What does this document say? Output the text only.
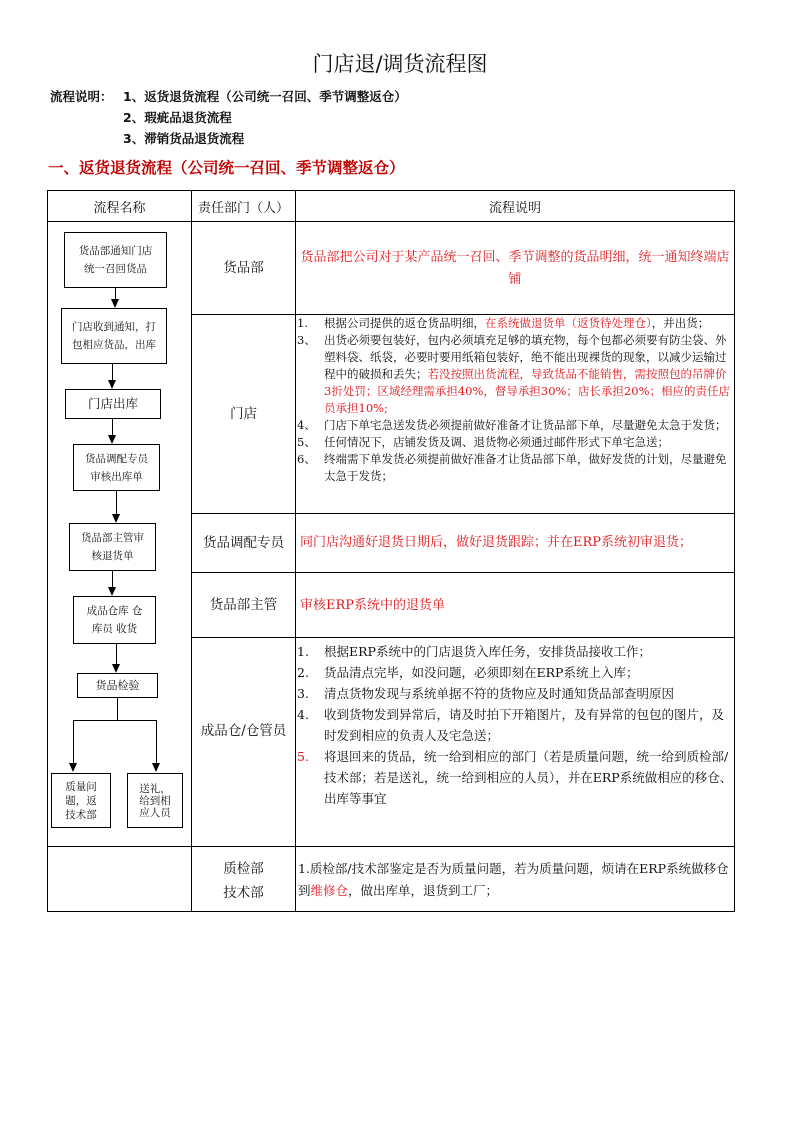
门店退/调货流程图
流程说明： 1、返货退货流程（公司统一召回、季节调整返仓）
2、瑕疵品退货流程
3、滞销货品退货流程
一、返货退货流程（公司统一召回、季节调整返仓）
流程名称	责任部门（人）	流程说明
货品部
门店
货品调配专员
货品部主管
成品仓/仓管员
质检部
技术部
货品部把公司对于某产品统一召回、季节调整的货品明细，统一通知终端店铺
1. 根据公司提供的返仓货品明细，在系统做退货单（返货待处理仓），并出货；
3、 出货必须要包装好，包内必须填充足够的填充物，每个包都必须要有防尘袋、外塑料袋、纸袋，必要时要用纸箱包装好，绝不能出现裸货的现象，以减少运输过程中的破损和丢失；若没按照出货流程，导致货品不能销售，需按照包的吊牌价3折处罚；区域经理需承担40%，督导承担30%；店长承担20%；相应的责任店员承担10%;
4、 门店下单宅急送发货必须提前做好准备才让货品部下单，尽量避免太急于发货；
5、 任何情况下，店铺发货及调、退货物必须通过邮件形式下单宅急送；
6、 终端需下单发货必须提前做好准备才让货品部下单，做好发货的计划，尽量避免太急于发货；
同门店沟通好退货日期后，做好退货跟踪；并在ERP系统初审退货；
审核ERP系统中的退货单
1. 根据ERP系统中的门店退货入库任务，安排货品接收工作；
2. 货品清点完毕，如没问题，必须即刻在ERP系统上入库；
3. 清点货物发现与系统单据不符的货物应及时通知货品部查明原因
4. 收到货物发到异常后，请及时拍下开箱图片，及有异常的包包的图片，及时发到相应的负责人及宅急送；
5. 将退回来的货品，统一给到相应的部门（若是质量问题，统一给到质检部/技术部；若是送礼，统一给到相应的人员），并在ERP系统做相应的移仓、出库等事宜
1.质检部/技术部鉴定是否为质量问题，若为质量问题，烦请在ERP系统做移仓到维修仓，做出库单，退货到工厂；
货品部通知门店
统一召回货品
门店收到通知，打
包相应货品，出库
门店出库
货品调配专员
审核出库单
货品部主管审
核退货单
成品仓库 仓
库员 收货
货品检验
质量问
题，返
技术部
送礼，
给到相
应人员
